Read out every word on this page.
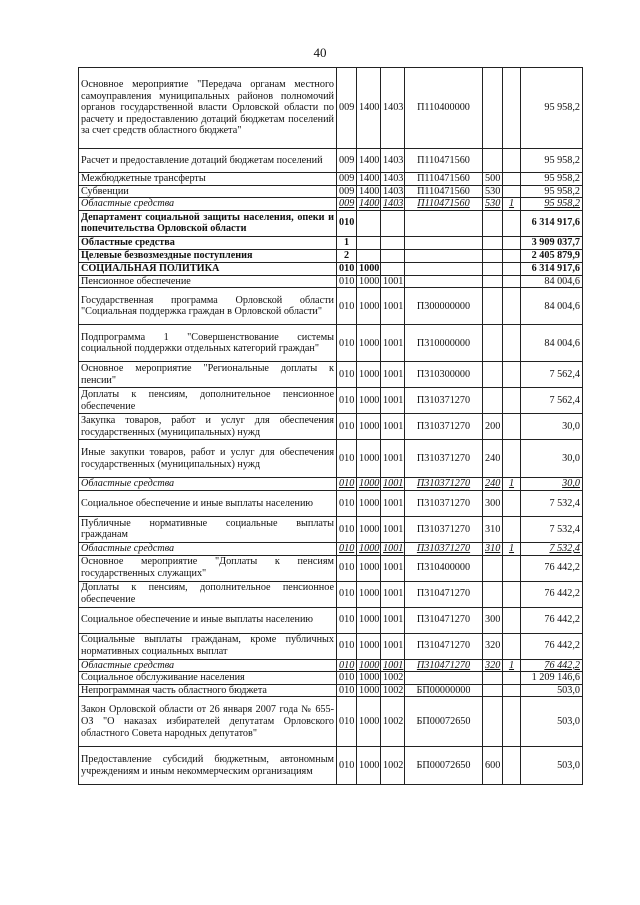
40
Основное мероприятие "Передача органам местного самоуправления муниципальных районов полномочий органов государственной власти Орловской области по расчету и предоставлению дотаций бюджетам поселений за счет средств областного бюджета"	009	1400	1403	П110400000			95 958,2
Расчет и предоставление дотаций бюджетам поселений	009	1400	1403	П110471560			95 958,2
Межбюджетные трансферты	009	1400	1403	П110471560	500		95 958,2
Субвенции	009	1400	1403	П110471560	530		95 958,2
Областные средства	009	1400	1403	П110471560	530	1	95 958,2
Департамент социальной защиты населения, опеки и попечительства Орловской области	010						6 314 917,6
Областные средства	1						3 909 037,7
Целевые безвозмездные поступления	2						2 405 879,9
СОЦИАЛЬНАЯ ПОЛИТИКА	010	1000					6 314 917,6
Пенсионное обеспечение	010	1000	1001				84 004,6
Государственная программа Орловской области "Социальная поддержка граждан в Орловской области"	010	1000	1001	П300000000			84 004,6
Подпрограмма 1 "Совершенствование системы социальной поддержки отдельных категорий граждан"	010	1000	1001	П310000000			84 004,6
Основное мероприятие "Региональные доплаты к пенсии"	010	1000	1001	П310300000			7 562,4
Доплаты к пенсиям, дополнительное пенсионное обеспечение	010	1000	1001	П310371270			7 562,4
Закупка товаров, работ и услуг для обеспечения государственных (муниципальных) нужд	010	1000	1001	П310371270	200		30,0
Иные закупки товаров, работ и услуг для обеспечения государственных (муниципальных) нужд	010	1000	1001	П310371270	240		30,0
Областные средства	010	1000	1001	П310371270	240	1	30,0
Социальное обеспечение и иные выплаты населению	010	1000	1001	П310371270	300		7 532,4
Публичные нормативные социальные выплаты гражданам	010	1000	1001	П310371270	310		7 532,4
Областные средства	010	1000	1001	П310371270	310	1	7 532,4
Основное мероприятие "Доплаты к пенсиям государственных служащих"	010	1000	1001	П310400000			76 442,2
Доплаты к пенсиям, дополнительное пенсионное обеспечение	010	1000	1001	П310471270			76 442,2
Социальное обеспечение и иные выплаты населению	010	1000	1001	П310471270	300		76 442,2
Социальные выплаты гражданам, кроме публичных нормативных социальных выплат	010	1000	1001	П310471270	320		76 442,2
Областные средства	010	1000	1001	П310471270	320	1	76 442,2
Социальное обслуживание населения	010	1000	1002				1 209 146,6
Непрограммная часть областного бюджета	010	1000	1002	БП00000000			503,0
Закон Орловской области от 26 января 2007 года № 655-ОЗ "О наказах избирателей депутатам Орловского областного Совета народных депутатов"	010	1000	1002	БП00072650			503,0
Предоставление субсидий бюджетным, автономным учреждениям и иным некоммерческим организациям	010	1000	1002	БП00072650	600		503,0
